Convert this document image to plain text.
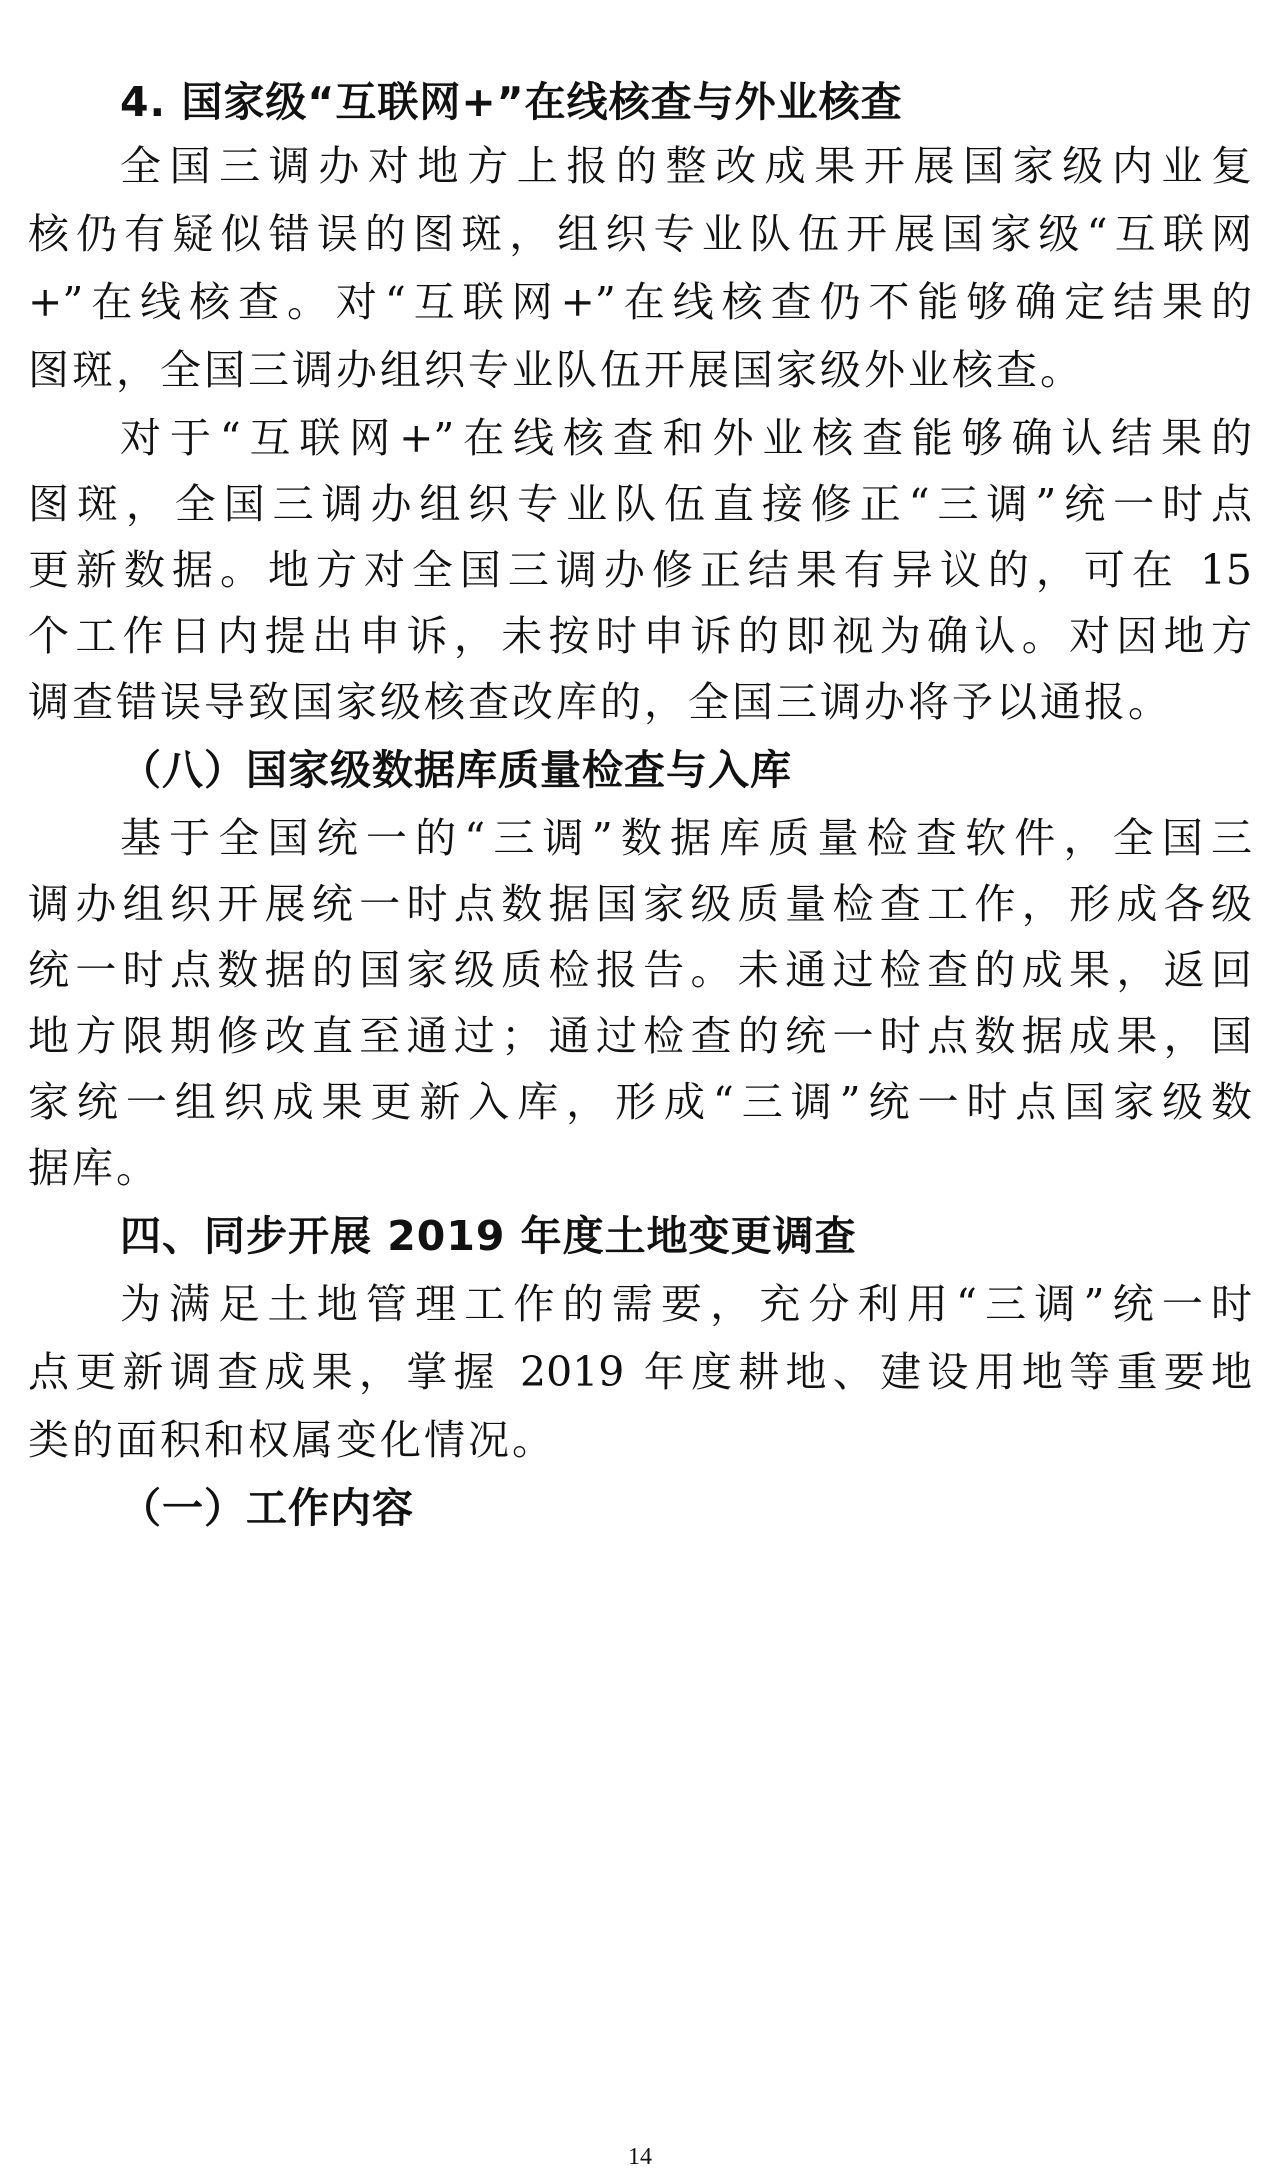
4. 国家级“互联网+”在线核查与外业核查
全国三调办对地方上报的整改成果开展国家级内业复
核仍有疑似错误的图斑，组织专业队伍开展国家级“互联网
+”在线核查。对“互联网+”在线核查仍不能够确定结果的
图斑，全国三调办组织专业队伍开展国家级外业核查。
对于“互联网+”在线核查和外业核查能够确认结果的
图斑，全国三调办组织专业队伍直接修正“三调”统一时点
更新数据。地方对全国三调办修正结果有异议的，可在 15
个工作日内提出申诉，未按时申诉的即视为确认。对因地方
调查错误导致国家级核查改库的，全国三调办将予以通报。
（八）国家级数据库质量检查与入库
基于全国统一的“三调”数据库质量检查软件，全国三
调办组织开展统一时点数据国家级质量检查工作，形成各级
统一时点数据的国家级质检报告。未通过检查的成果，返回
地方限期修改直至通过；通过检查的统一时点数据成果，国
家统一组织成果更新入库，形成“三调”统一时点国家级数
据库。
四、同步开展 2019 年度土地变更调查
为满足土地管理工作的需要，充分利用“三调”统一时
点更新调查成果，掌握 2019 年度耕地、建设用地等重要地
类的面积和权属变化情况。
（一）工作内容
14
